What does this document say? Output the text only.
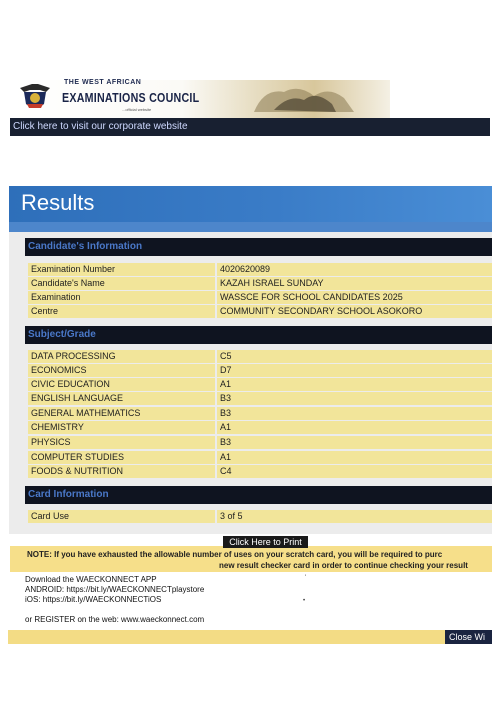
THE WEST AFRICAN
EXAMINATIONS COUNCIL
...official website
Click here to visit our corporate website
Results
Candidate's Information
Examination Number	4020620089
Candidate's Name	KAZAH ISRAEL SUNDAY
Examination	WASSCE FOR SCHOOL CANDIDATES 2025
Centre	COMMUNITY SECONDARY SCHOOL ASOKORO
Subject/Grade
DATA PROCESSING	C5
ECONOMICS	D7
CIVIC EDUCATION	A1
ENGLISH LANGUAGE	B3
GENERAL MATHEMATICS	B3
CHEMISTRY	A1
PHYSICS	B3
COMPUTER STUDIES	A1
FOODS & NUTRITION	C4
Card Information
Card Use	3 of 5
NOTE: If you have exhausted the allowable number of uses on your scratch card, you will be required to purc
new result checker card in order to continue checking your result
Click Here to Print
Download the WAECKONNECT APP
ANDROID: https://bit.ly/WAECKONNECTplaystore
iOS: https://bit.ly/WAECKONNECTiOS
or REGISTER on the web: www.waeckonnect.com
'
•
Close Wi
